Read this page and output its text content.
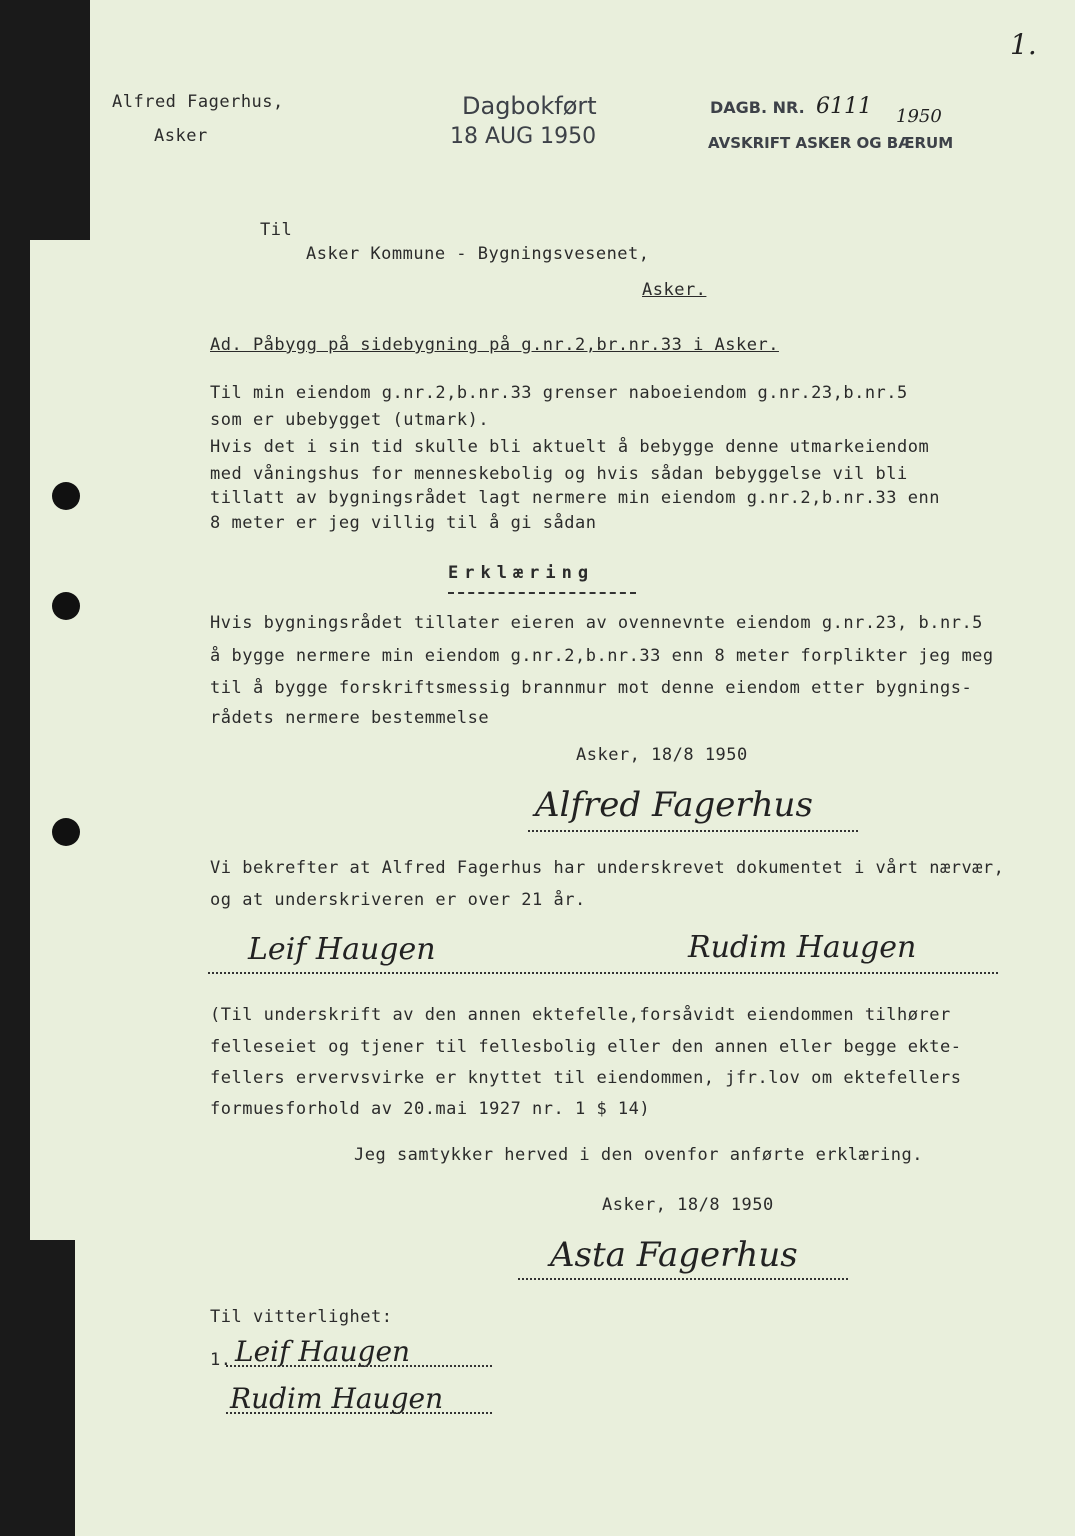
1.
Alfred Fagerhus,
Asker
Dagbokført
18 AUG 1950
DAGB. NR. 6111 1950
AVSKRIFT ASKER OG BÆRUM
Til
Asker Kommune - Bygningsvesenet,
Asker.
Ad. Påbygg på sidebygning på g.nr.2,br.nr.33 i Asker.
Til min eiendom g.nr.2,b.nr.33 grenser naboeiendom g.nr.23,b.nr.5
som er ubebygget (utmark).
Hvis det i sin tid skulle bli aktuelt å bebygge denne utmarkeiendom
med våningshus for menneskebolig og hvis sådan bebyggelse vil bli
tillatt av bygningsrådet lagt nermere min eiendom g.nr.2,b.nr.33 enn
8 meter er jeg villig til å gi sådan
Erklæring
Hvis bygningsrådet tillater eieren av ovennevnte eiendom g.nr.23, b.nr.5
å bygge nermere min eiendom g.nr.2,b.nr.33 enn 8 meter forplikter jeg meg
til å bygge forskriftsmessig brannmur mot denne eiendom etter bygnings-
rådets nermere bestemmelse
Asker, 18/8 1950
Alfred Fagerhus
Vi bekrefter at Alfred Fagerhus har underskrevet dokumentet i vårt nærvær,
og at underskriveren er over 21 år.
Leif Haugen	Rudim Haugen
(Til underskrift av den annen ektefelle,forsåvidt eiendommen tilhører
felleseiet og tjener til fellesbolig eller den annen eller begge ekte-
fellers ervervsvirke er knyttet til eiendommen, jfr.lov om ektefellers
formuesforhold av 20.mai 1927 nr. 1 $ 14)
Jeg samtykker herved i den ovenfor anførte erklæring.
Asker, 18/8 1950
Asta Fagerhus
Til vitterlighet:
1. Leif Haugen
Rudim Haugen
